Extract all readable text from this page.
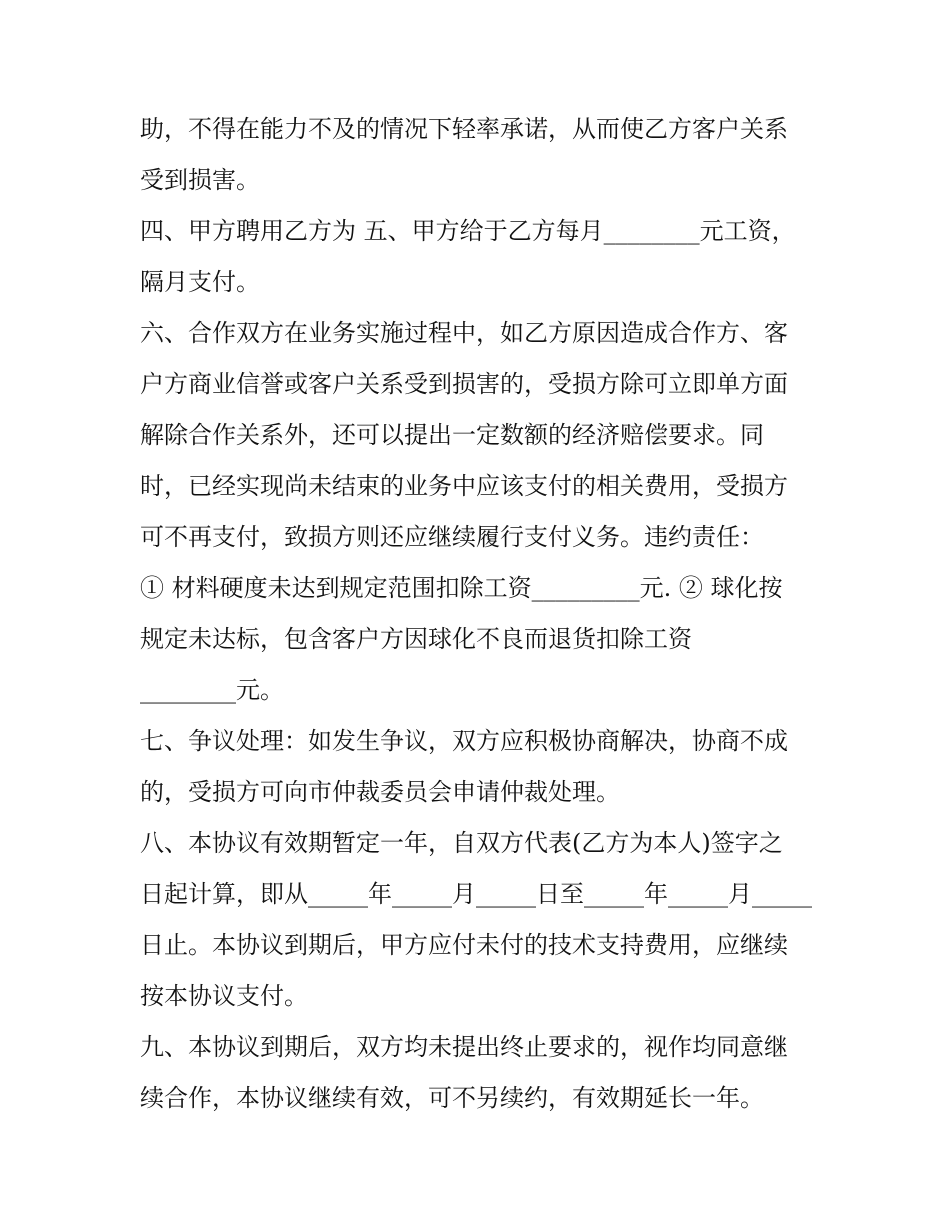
助，不得在能力不及的情况下轻率承诺，从而使乙方客户关系
受到损害。
四、甲方聘用乙方为 五、甲方给于乙方每月________元工资，
隔月支付。
六、合作双方在业务实施过程中，如乙方原因造成合作方、客
户方商业信誉或客户关系受到损害的，受损方除可立即单方面
解除合作关系外，还可以提出一定数额的经济赔偿要求。同
时，已经实现尚未结束的业务中应该支付的相关费用，受损方
可不再支付，致损方则还应继续履行支付义务。违约责任：
① 材料硬度未达到规定范围扣除工资_________元. ② 球化按
规定未达标，包含客户方因球化不良而退货扣除工资
________元。
七、争议处理：如发生争议，双方应积极协商解决，协商不成
的，受损方可向市仲裁委员会申请仲裁处理。
八、本协议有效期暂定一年，自双方代表(乙方为本人)签字之
日起计算，即从_____年_____月_____日至_____年_____月_____
日止。本协议到期后，甲方应付未付的技术支持费用，应继续
按本协议支付。
九、本协议到期后，双方均未提出终止要求的，视作均同意继
续合作，本协议继续有效，可不另续约，有效期延长一年。
